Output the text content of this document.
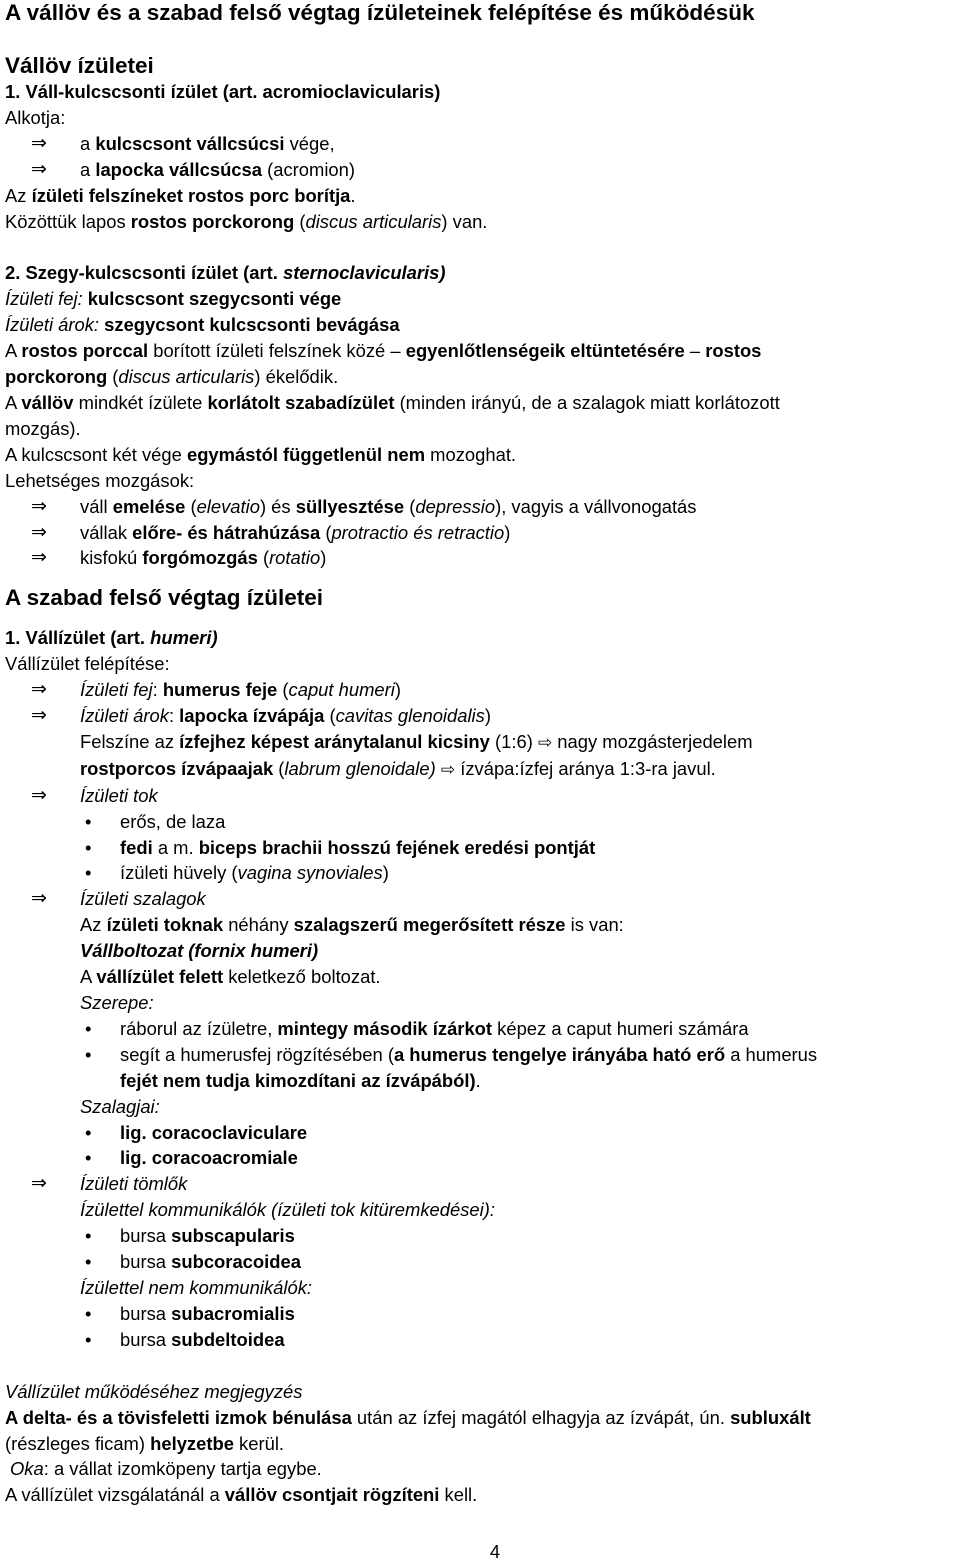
A vállöv és a szabad felső végtag ízületeinek felépítése és működésük
Vállöv ízületei

1. Váll-kulcscsonti ízület (art. acromioclavicularis)

Alkotja:

⇒ a kulcscsont vállcsúcsi vége,
⇒ a lapocka vállcsúcsa (acromion)

Az ízületi felszíneket rostos porc borítja.

Közöttük lapos rostos porckorong (discus articularis) van.

2. Szegy-kulcscsonti ízület (art. sternoclavicularis)

Ízületi fej: kulcscsont szegycsonti vége

Ízületi árok: szegycsont kulcscsonti bevágása

A rostos porccal borított ízületi felszínek közé – egyenlőtlenségeik eltüntetésére – rostos

porckorong (discus articularis) ékelődik.

A vállöv mindkét ízülete korlátolt szabadízület (minden irányú, de a szalagok miatt korlátozott

mozgás).

A kulcscsont két vége egymástól függetlenül nem mozoghat.

Lehetséges mozgások:

⇒ váll emelése (elevatio) és süllyesztése (depressio), vagyis a vállvonogatás
⇒ vállak előre- és hátrahúzása (protractio és retractio)
⇒ kisfokú forgómozgás (rotatio)
A szabad felső végtag ízületei

1. Vállízület (art. humeri)

Vállízület felépítése:

⇒ Ízületi fej: humerus feje (caput humeri)
⇒ Ízületi árok: lapocka ízvápája (cavitas glenoidalis)

Felszíne az ízfejhez képest aránytalanul kicsiny (1:6) ⇨ nagy mozgásterjedelem

rostporcos ízvápaajak (labrum glenoidale) ⇨ ízvápa:ízfej aránya 1:3-ra javul.

⇒ Ízületi tok
• erős, de laza
• fedi a m. biceps brachii hosszú fejének eredési pontját
• ízületi hüvely (vagina synoviales)
⇒ Ízületi szalagok

Az ízületi toknak néhány szalagszerű megerősített része is van:

Vállboltozat (fornix humeri)

A vállízület felett keletkező boltozat.

Szerepe:

• ráborul az ízületre, mintegy második ízárkot képez a caput humeri számára
• segít a humerusfej rögzítésében (a humerus tengelye irányába ható erő a humerus
fejét nem tudja kimozdítani az ízvápából).

Szalagjai:

• lig. coracoclaviculare
• lig. coracoacromiale
⇒ Ízületi tömlők

Ízülettel kommunikálók (ízületi tok kitüremkedései):

• bursa subscapularis
• bursa subcoracoidea

Ízülettel nem kommunikálók:

• bursa subacromialis
• bursa subdeltoidea

Vállízület működéséhez megjegyzés

A delta- és a tövisfeletti izmok bénulása után az ízfej magától elhagyja az ízvápát, ún. subluxált

(részleges ficam) helyzetbe kerül.

Oka: a vállat izomköpeny tartja egybe.

A vállízület vizsgálatánál a vállöv csontjait rögzíteni kell.

4
